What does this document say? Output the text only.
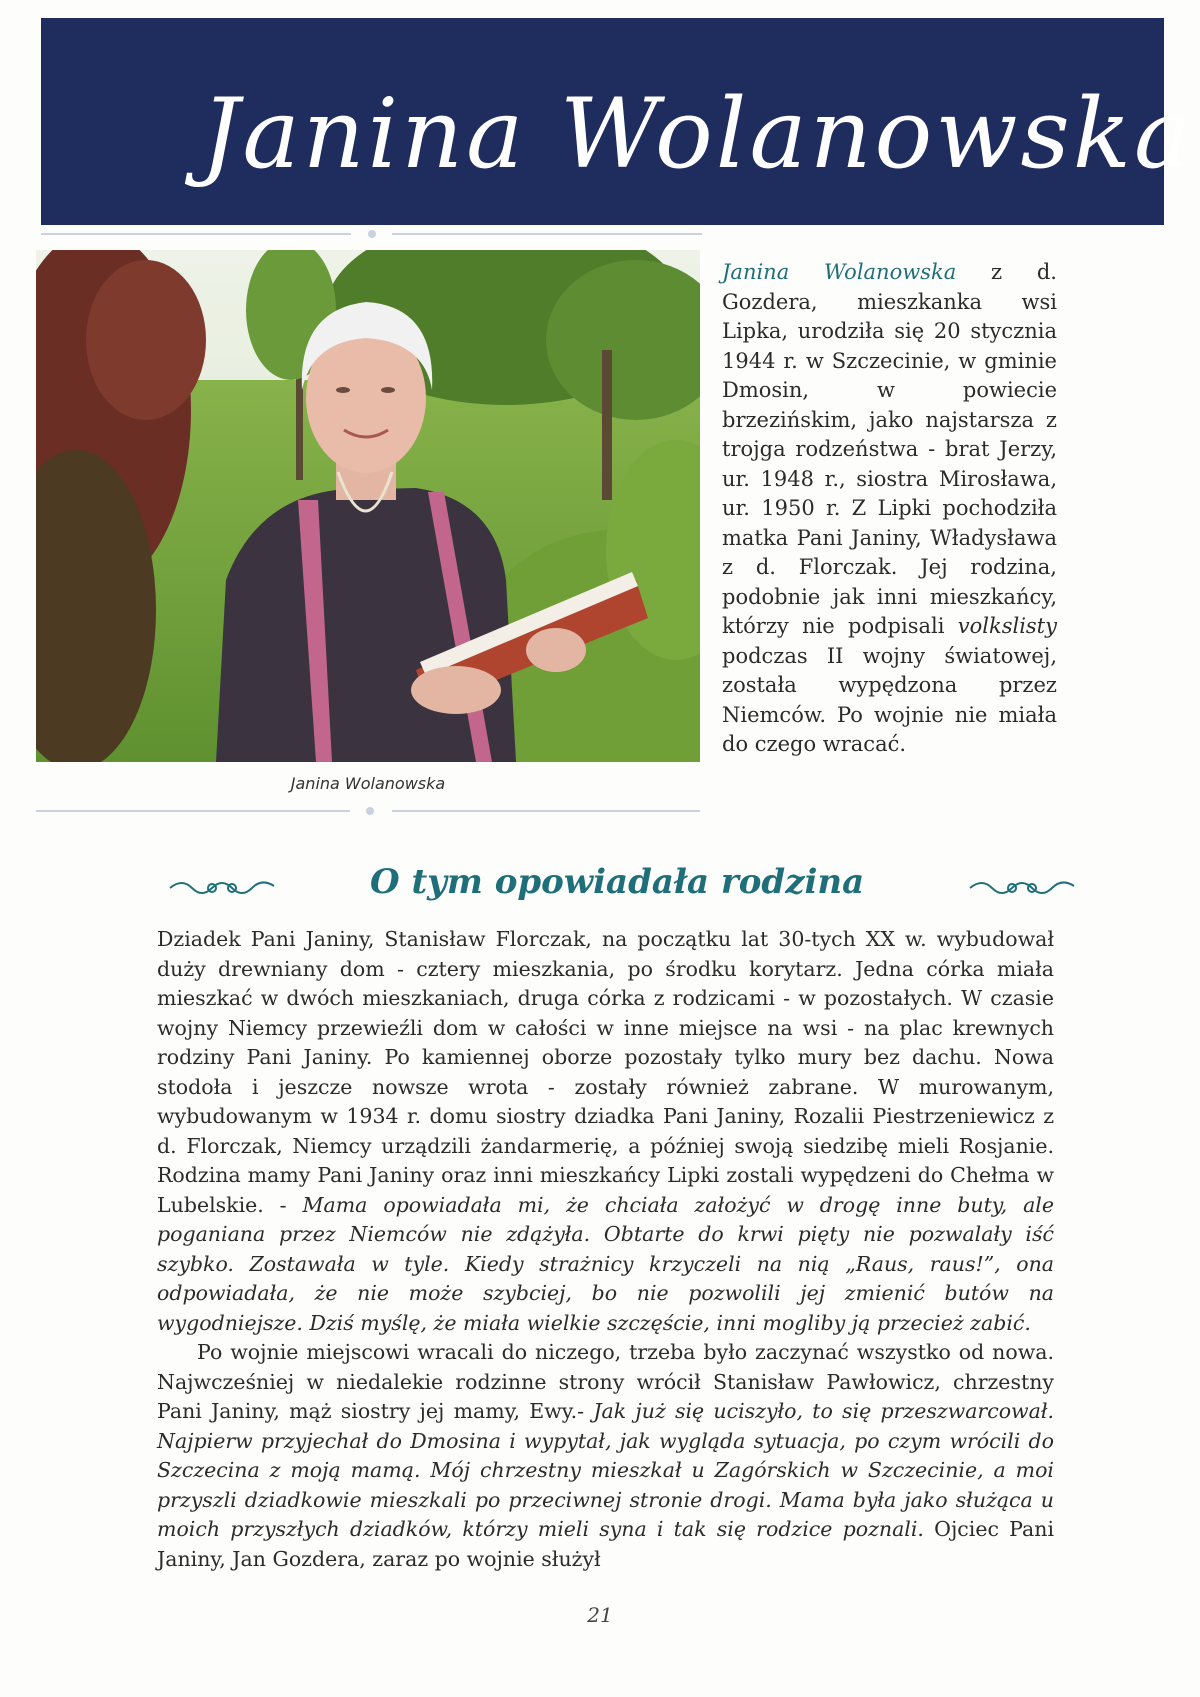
Janina Wolanowska
Janina Wolanowska
Janina Wolanowska z d. Gozdera, mieszkanka wsi Lipka, urodziła się 20 stycznia 1944 r. w Szczecinie, w gminie Dmosin, w powiecie brzezińskim, jako najstarsza z trojga rodzeństwa - brat Jerzy, ur. 1948 r., siostra Mirosława, ur. 1950 r. Z Lipki pochodziła matka Pani Janiny, Władysława z d. Florczak. Jej rodzina, podobnie jak inni mieszkańcy, którzy nie podpisali volkslisty podczas II wojny światowej, została wypędzona przez Niemców. Po wojnie nie miała do czego wracać.
O tym opowiadała rodzina

Dziadek Pani Janiny, Stanisław Florczak, na początku lat 30-tych XX w. wybudował duży drewniany dom - cztery mieszkania, po środku korytarz. Jedna córka miała mieszkać w dwóch mieszkaniach, druga córka z rodzicami - w pozostałych. W czasie wojny Niemcy przewieźli dom w całości w inne miejsce na wsi - na plac krewnych rodziny Pani Janiny. Po kamiennej oborze pozostały tylko mury bez dachu. Nowa stodoła i jeszcze nowsze wrota - zostały również zabrane. W murowanym, wybudowanym w 1934 r. domu siostry dziadka Pani Janiny, Rozalii Piestrzeniewicz z d. Florczak, Niemcy urządzili żandarmerię, a później swoją siedzibę mieli Rosjanie. Rodzina mamy Pani Janiny oraz inni mieszkańcy Lipki zostali wypędzeni do Chełma w Lubelskie. - Mama opowiadała mi, że chciała założyć w drogę inne buty, ale poganiana przez Niemców nie zdążyła. Obtarte do krwi pięty nie pozwalały iść szybko. Zostawała w tyle. Kiedy strażnicy krzyczeli na nią „Raus, raus!”, ona odpowiadała, że nie może szybciej, bo nie pozwolili jej zmienić butów na wygodniejsze. Dziś myślę, że miała wielkie szczęście, inni mogliby ją przecież zabić.

Po wojnie miejscowi wracali do niczego, trzeba było zaczynać wszystko od nowa. Najwcześniej w niedalekie rodzinne strony wrócił Stanisław Pawłowicz, chrzestny Pani Janiny, mąż siostry jej mamy, Ewy.- Jak już się uciszyło, to się przeszwarcował. Najpierw przyjechał do Dmosina i wypytał, jak wygląda sytuacja, po czym wrócili do Szczecina z moją mamą. Mój chrzestny mieszkał u Zagórskich w Szczecinie, a moi przyszli dziadkowie mieszkali po przeciwnej stronie drogi. Mama była jako służąca u moich przyszłych dziadków, którzy mieli syna i tak się rodzice poznali. Ojciec Pani Janiny, Jan Gozdera, zaraz po wojnie służył

21
